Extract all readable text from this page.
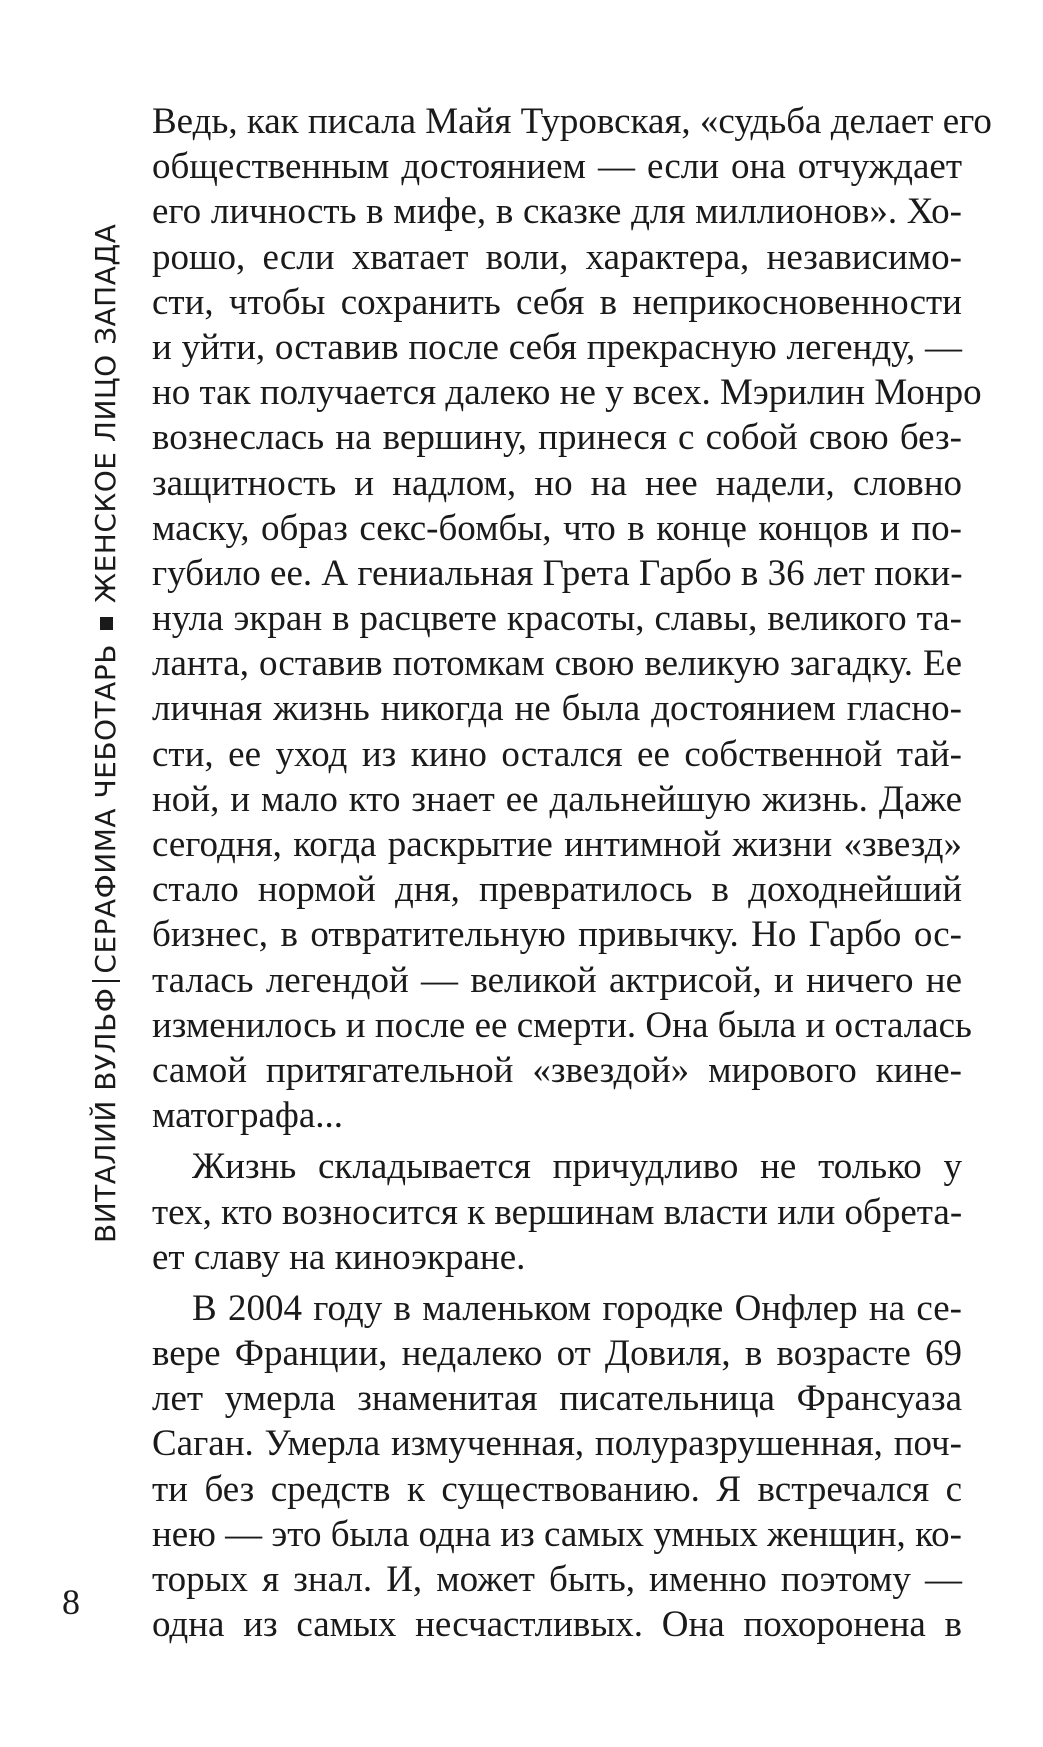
ВИТАЛИЙ ВУЛЬФ
СЕРАФИМА ЧЕБОТАРЬ
ЖЕНСКОЕ ЛИЦО ЗАПАДА

Ведь, как писала Майя Туровская, «судьба делает его
общественным достоянием — если она отчуждает
его личность в мифе, в сказке для миллионов». Хо-
рошо, если хватает воли, характера, независимо-
сти, чтобы сохранить себя в неприкосновенности
и уйти, оставив после себя прекрасную легенду, —
но так получается далеко не у всех. Мэрилин Монро
вознеслась на вершину, принеся с собой свою без-
защитность и надлом, но на нее надели, словно
маску, образ секс-бомбы, что в конце концов и по-
губило ее. А гениальная Грета Гарбо в 36 лет поки-
нула экран в расцвете красоты, славы, великого та-
ланта, оставив потомкам свою великую загадку. Ее
личная жизнь никогда не была достоянием гласно-
сти, ее уход из кино остался ее собственной тай-
ной, и мало кто знает ее дальнейшую жизнь. Даже
сегодня, когда раскрытие интимной жизни «звезд»
стало нормой дня, превратилось в доходнейший
бизнес, в отвратительную привычку. Но Гарбо ос-
талась легендой — великой актрисой, и ничего не
изменилось и после ее смерти. Она была и осталась
самой притягательной «звездой» мирового кине-
матографа...

Жизнь складывается причудливо не только у
тех, кто возносится к вершинам власти или обрета-
ет славу на киноэкране.

В 2004 году в маленьком городке Онфлер на се-
вере Франции, недалеко от Довиля, в возрасте 69
лет умерла знаменитая писательница Франсуаза
Саган. Умерла измученная, полуразрушенная, поч-
ти без средств к существованию. Я встречался с
нею — это была одна из самых умных женщин, ко-
торых я знал. И, может быть, именно поэтому —
одна из самых несчастливых. Она похоронена в

8
